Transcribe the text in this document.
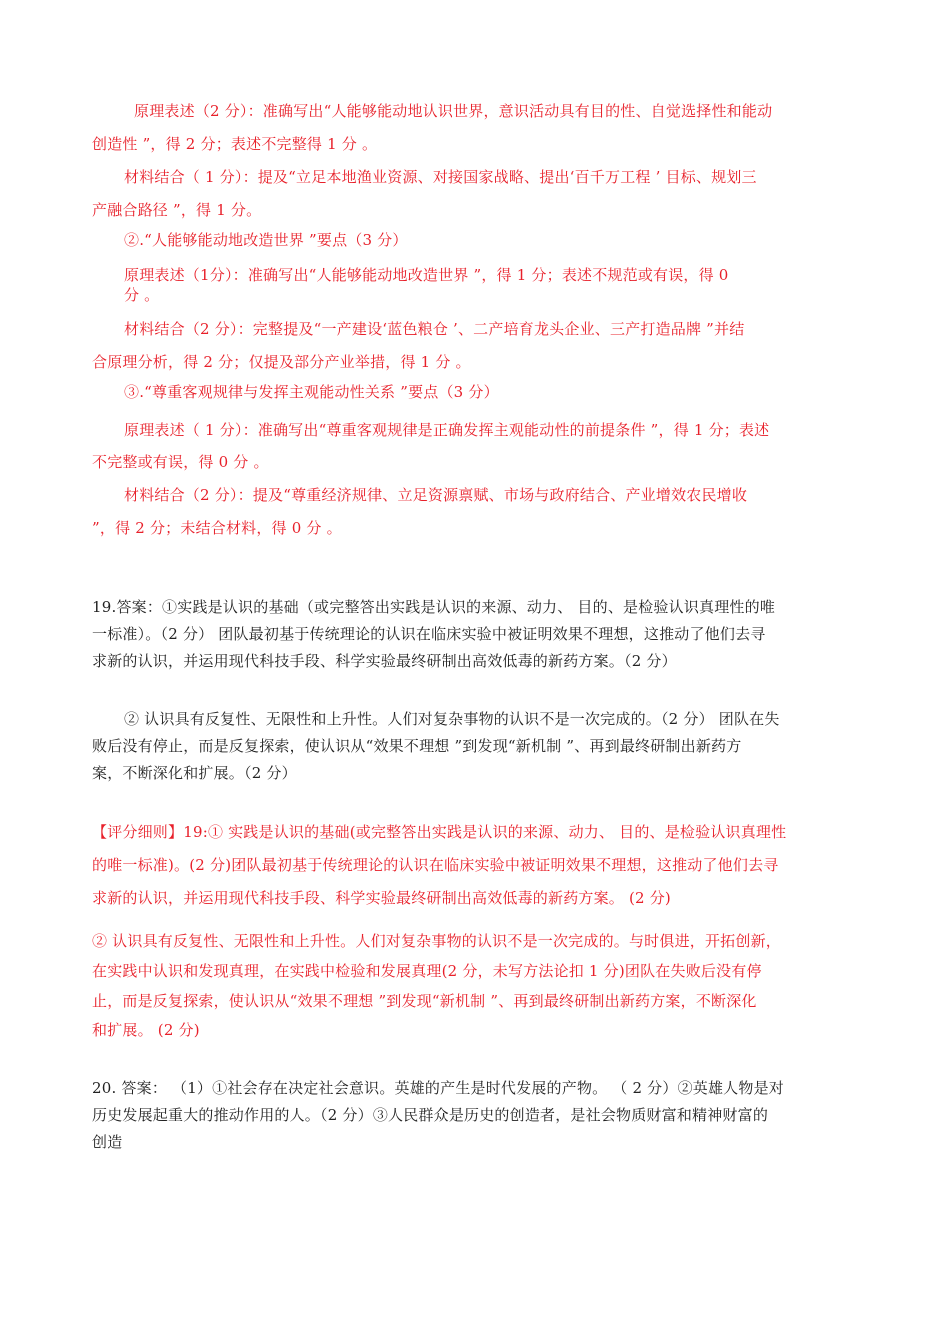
原理表述（2 分）：准确写出“人能够能动地认识世界，意识活动具有目的性、自觉选择性和能动
创造性 ”，得 2 分；表述不完整得 1 分 。
材料结合（ 1 分）：提及“立足本地渔业资源、对接国家战略、提出‘百千万工程 ’ 目标、规划三
产融合路径 ”，得 1 分。
②.“人能够能动地改造世界 ”要点（3 分）
原理表述（1分）：准确写出“人能够能动地改造世界 ”，得 1 分；表述不规范或有误，得 0
分 。
材料结合（2 分）：完整提及“一产建设‘蓝色粮仓 ’、二产培育龙头企业、三产打造品牌 ”并结
合原理分析，得 2 分；仅提及部分产业举措，得 1 分 。
③.“尊重客观规律与发挥主观能动性关系 ”要点（3 分）
原理表述（ 1 分）：准确写出“尊重客观规律是正确发挥主观能动性的前提条件 ”，得 1 分；表述
不完整或有误，得 0 分 。
材料结合（2 分）：提及“尊重经济规律、立足资源禀赋、市场与政府结合、产业增效农民增收
”，得 2 分；未结合材料，得 0 分 。
19.答案：①实践是认识的基础（或完整答出实践是认识的来源、动力、 目的、是检验认识真理性的唯
一标准）。（2 分） 团队最初基于传统理论的认识在临床实验中被证明效果不理想，这推动了他们去寻
求新的认识，并运用现代科技手段、科学实验最终研制出高效低毒的新药方案。（2 分）
② 认识具有反复性、无限性和上升性。人们对复杂事物的认识不是一次完成的。（2 分） 团队在失
败后没有停止，而是反复探索，使认识从“效果不理想 ”到发现“新机制 ”、再到最终研制出新药方
案，不断深化和扩展。（2 分）
【评分细则】19:① 实践是认识的基础(或完整答出实践是认识的来源、动力、 目的、是检验认识真理性
的唯一标准)。(2 分)团队最初基于传统理论的认识在临床实验中被证明效果不理想，这推动了他们去寻
求新的认识，并运用现代科技手段、科学实验最终研制出高效低毒的新药方案。 (2 分)
② 认识具有反复性、无限性和上升性。人们对复杂事物的认识不是一次完成的。与时俱进，开拓创新，
在实践中认识和发现真理，在实践中检验和发展真理(2 分，未写方法论扣 1 分)团队在失败后没有停
止，而是反复探索，使认识从“效果不理想 ”到发现“新机制 ”、再到最终研制出新药方案，不断深化
和扩展。 (2 分)
20. 答案： （1）①社会存在决定社会意识。英雄的产生是时代发展的产物。 （ 2 分）②英雄人物是对
历史发展起重大的推动作用的人。（2 分）③人民群众是历史的创造者，是社会物质财富和精神财富的
创造
